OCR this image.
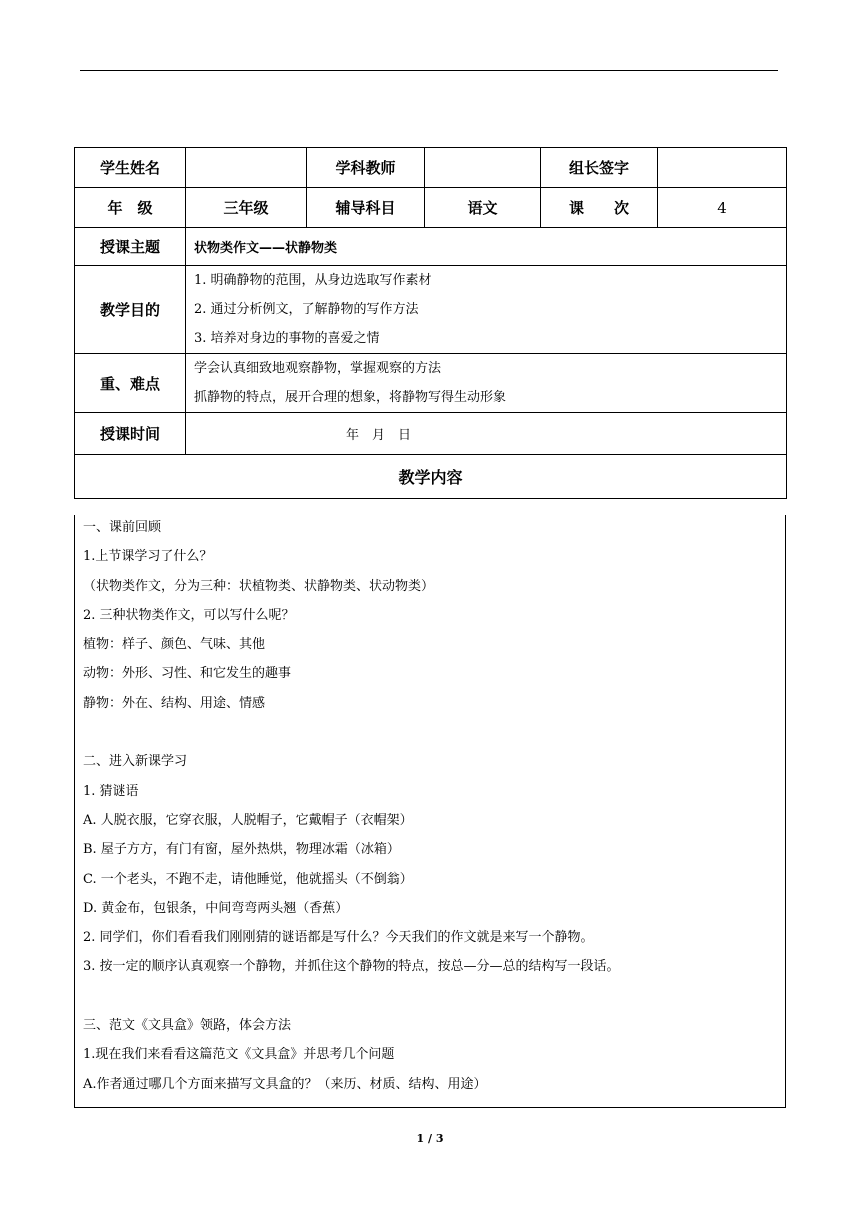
学生姓名		学科教师		组长签字	
年　级	三年级	辅导科目	语文	课　　次	4
授课主题	状物类作文——状静物类				
教学目的	1. 明确静物的范围，从身边选取写作素材
2. 通过分析例文，了解静物的写作方法
3. 培养对身边的事物的喜爱之情				

重、难点	学会认真细致地观察静物，掌握观察的方法
抓静物的特点，展开合理的想象，将静物写得生动形象				

授课时间	年　月　日				
教学内容					
一、课前回顾
1.上节课学习了什么？
（状物类作文，分为三种：状植物类、状静物类、状动物类）
2. 三种状物类作文，可以写什么呢？
植物：样子、颜色、气味、其他
动物：外形、习性、和它发生的趣事
静物：外在、结构、用途、情感
二、进入新课学习
1. 猜谜语
A. 人脱衣服，它穿衣服，人脱帽子，它戴帽子（衣帽架）
B. 屋子方方，有门有窗，屋外热烘，物理冰霜（冰箱）
C. 一个老头，不跑不走，请他睡觉，他就摇头（不倒翁）
D. 黄金布，包银条，中间弯弯两头翘（香蕉）
2. 同学们，你们看看我们刚刚猜的谜语都是写什么？今天我们的作文就是来写一个静物。
3. 按一定的顺序认真观察一个静物，并抓住这个静物的特点，按总—分—总的结构写一段话。
三、范文《文具盒》领路，体会方法
1.现在我们来看看这篇范文《文具盒》并思考几个问题
A.作者通过哪几个方面来描写文具盒的？（来历、材质、结构、用途）
1 / 3
